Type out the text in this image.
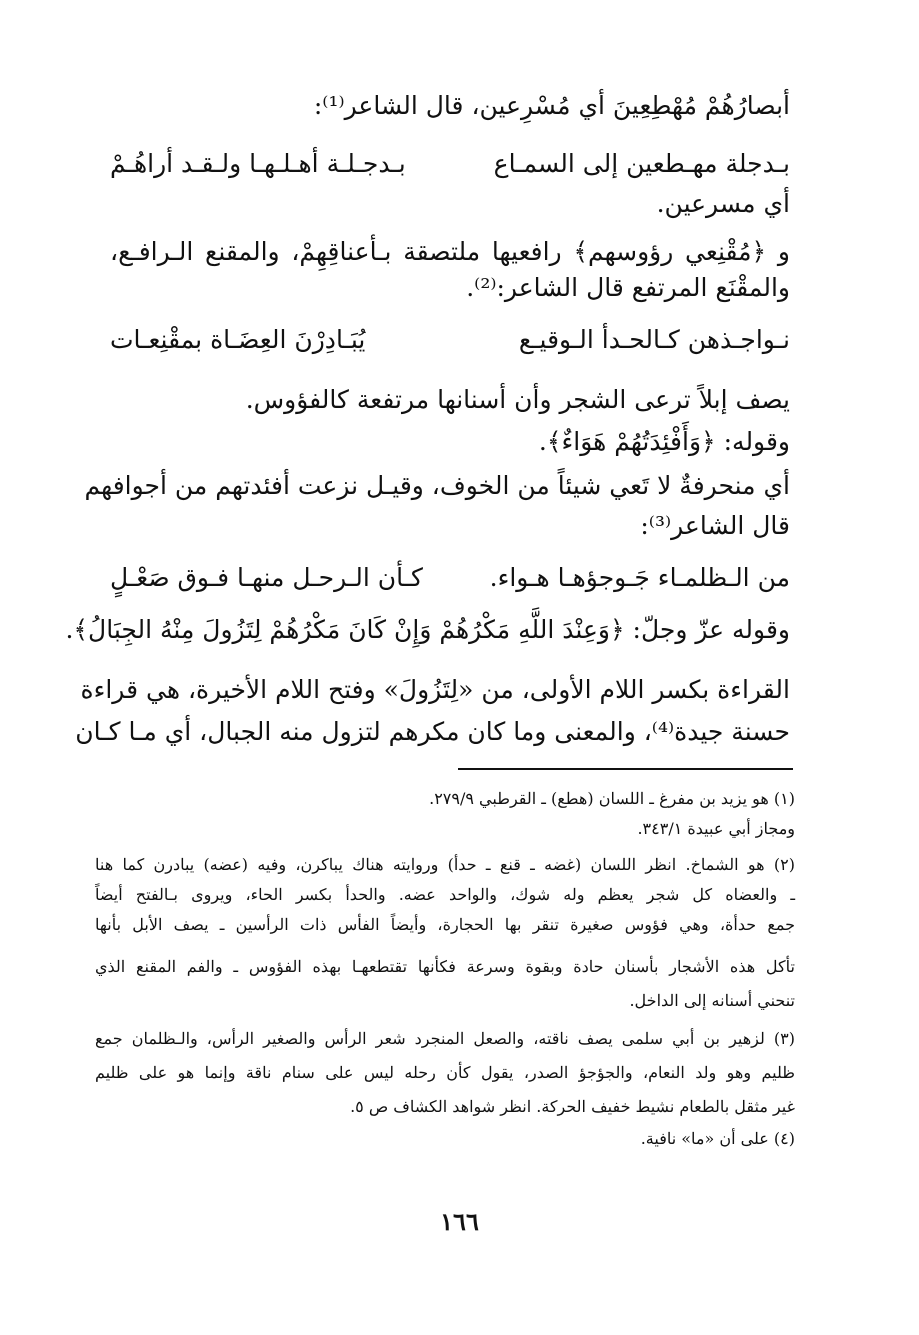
أبصارُهُمْ مُهْطِعِينَ أي مُسْرِعين، قال الشاعر⁽¹⁾:
بـدجـلـة أهـلـهـا ولـقـد أراهُـمْ	بـدجلة مهـطعين إلى السمـاع
أي مسرعين.
و ﴿مُقْنِعي رؤوسهم﴾ رافعيها ملتصقة بـأعناقِهِمْ، والمقنع الـرافـع،
والمقْنَع المرتفع قال الشاعر:⁽²⁾.
يُبَـادِرْنَ العِضَـاة بمقْنِعـات	نـواجـذهن كـالحـدأ الـوقيـع
يصف إبلاً ترعى الشجر وأن أسنانها مرتفعة كالفؤوس.
وقوله: ﴿وَأَفْئِدَتُهُمْ هَوَاءٌ﴾.
أي منحرفةٌ لا تَعي شيئاً من الخوف، وقيـل نزعت أفئدتهم من أجوافهم
قال الشاعر⁽³⁾:
كـأن الـرحـل منهـا فـوق صَعْـلٍ	من الـظلمـاء جَـوجؤهـا هـواء.
وقوله عزّ وجلّ: ﴿وَعِنْدَ اللَّهِ مَكْرُهُمْ وَإِنْ كَانَ مَكْرُهُمْ لِتَزُولَ مِنْهُ الجِبَالُ﴾.
القراءة بكسر اللام الأولى، من «لِتَزُولَ» وفتح اللام الأخيرة، هي قراءة
حسنة جيدة⁽⁴⁾، والمعنى وما كان مكرهم لتزول منه الجبال، أي مـا كـان
(١) هو يزيد بن مفرغ ـ اللسان (هطع) ـ القرطبي ٢٧٩/٩.
ومجاز أبي عبيدة ٣٤٣/١.
(٢) هو الشماخ. انظر اللسان (غضه ـ قنع ـ حدأ) وروايته هناك يباكرن، وفيه (عضه) يبادرن كما هنا
ـ والعضاه كل شجر يعظم وله شوك، والواحد عضه. والحدأ بكسر الحاء، ويروى بـالفتح أيضاً
جمع حدأة، وهي فؤوس صغيرة تنقر بها الحجارة، وأيضاً الفأس ذات الرأسين ـ يصف الأبل بأنها
تأكل هذه الأشجار بأسنان حادة وبقوة وسرعة فكأنها تقتطعهـا بهذه الفؤوس ـ والفم المقنع الذي
تنحني أسنانه إلى الداخل.
(٣) لزهير بن أبي سلمى يصف ناقته، والصعل المنجرد شعر الرأس والصغير الرأس، والـظلمان جمع
ظليم وهو ولد النعام، والجؤجؤ الصدر، يقول كأن رحله ليس على سنام ناقة وإنما هو على ظليم
غير مثقل بالطعام نشيط خفيف الحركة. انظر شواهد الكشاف ص ٥.
(٤) على أن «ما» نافية.
١٦٦
